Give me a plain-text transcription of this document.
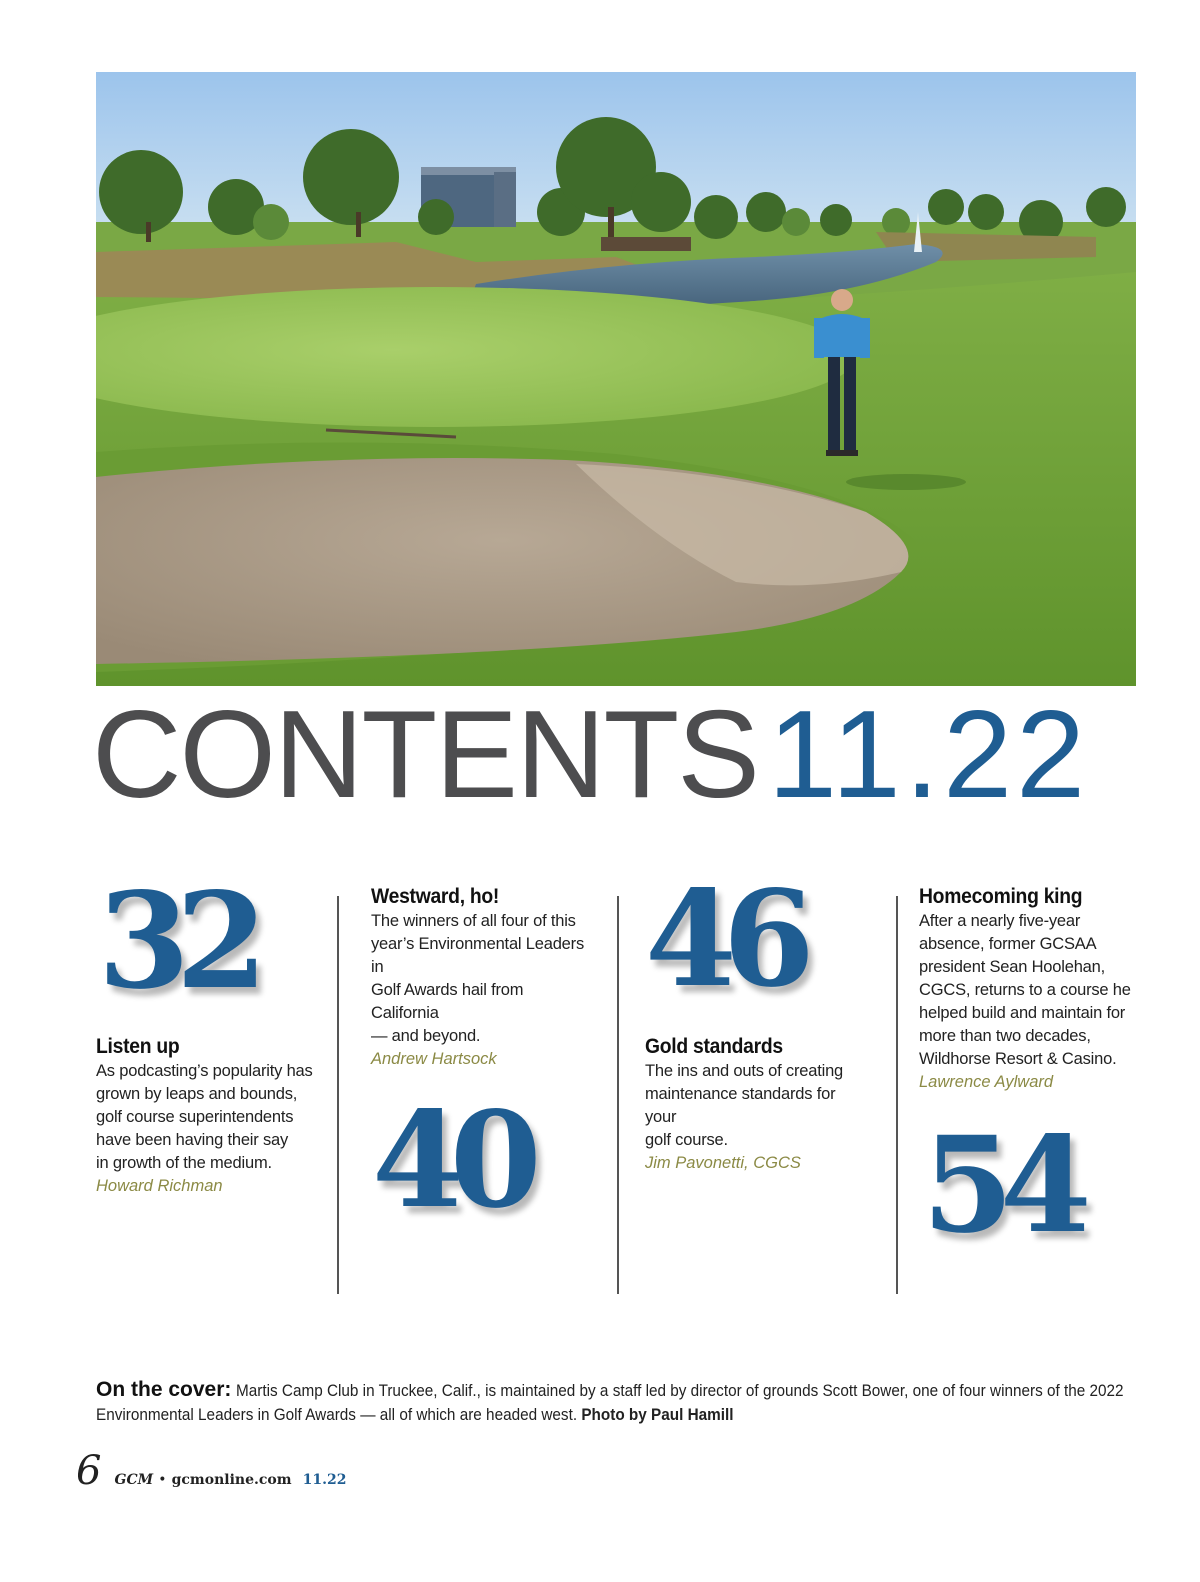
CONTENTS11.22
32
Listen up
As podcasting’s popularity has
grown by leaps and bounds,
golf course superintendents
have been having their say
in growth of the medium.
Howard Richman
Westward, ho!
The winners of all four of this
year’s Environmental Leaders in
Golf Awards hail from California
— and beyond.
Andrew Hartsock
40
46
Gold standards
The ins and outs of creating
maintenance standards for your
golf course.
Jim Pavonetti, CGCS
Homecoming king
After a nearly five-year
absence, former GCSAA
president Sean Hoolehan,
CGCS, returns to a course he
helped build and maintain for
more than two decades,
Wildhorse Resort & Casino.
Lawrence Aylward
54
On the cover: Martis Camp Club in Truckee, Calif., is maintained by a staff led by director of grounds Scott Bower, one of four winners of the 2022
Environmental Leaders in Golf Awards — all of which are headed west. Photo by Paul Hamill
6 GCM • gcmonline.com 11.22
